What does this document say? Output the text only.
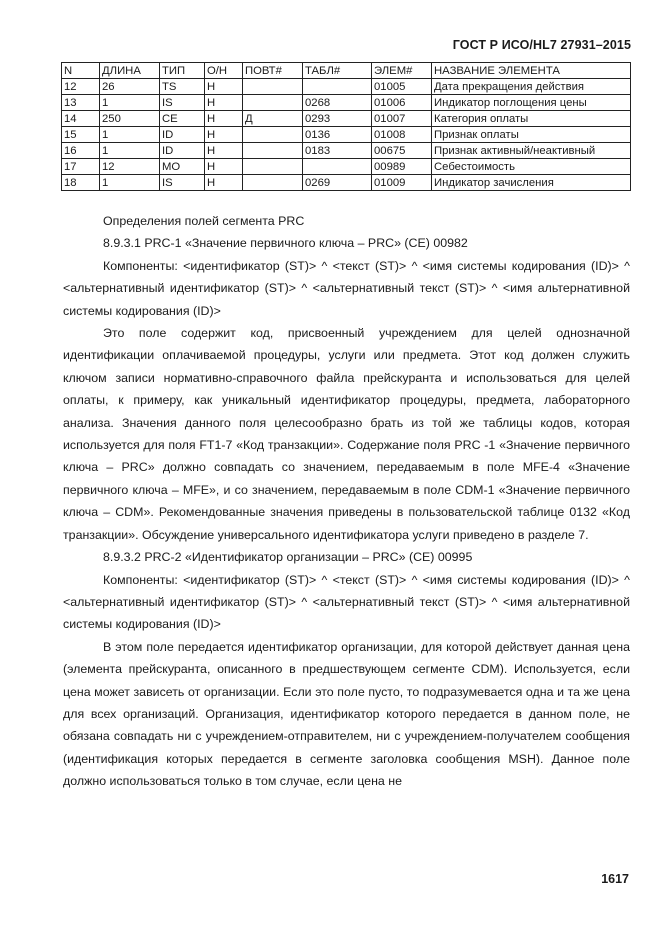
ГОСТ Р ИСО/HL7 27931–2015
N	ДЛИНА	ТИП	О/Н	ПОВТ#	ТАБЛ#	ЭЛЕМ#	НАЗВАНИЕ ЭЛЕМЕНТА
12	26	TS	Н			01005	Дата прекращения действия
13	1	IS	Н		0268	01006	Индикатор поглощения цены
14	250	CE	Н	Д	0293	01007	Категория оплаты
15	1	ID	Н		0136	01008	Признак оплаты
16	1	ID	Н		0183	00675	Признак активный/неактивный
17	12	MO	Н			00989	Себестоимость
18	1	IS	Н		0269	01009	Индикатор зачисления

Определения полей сегмента PRC

8.9.3.1 PRC-1 «Значение первичного ключа – PRC» (CE) 00982

Компоненты: <идентификатор (ST)> ^ <текст (ST)> ^ <имя системы кодирования (ID)> ^ <альтернативный идентификатор (ST)> ^ <альтернативный текст (ST)> ^ <имя альтернативной системы кодирования (ID)>

Это поле содержит код, присвоенный учреждением для целей однозначной идентификации оплачиваемой процедуры, услуги или предмета. Этот код должен служить ключом записи нормативно-справочного файла прейскуранта и использоваться для целей оплаты, к примеру, как уникальный идентификатор процедуры, предмета, лабораторного анализа. Значения данного поля целесообразно брать из той же таблицы кодов, которая используется для поля FT1-7 «Код транзакции». Содержание поля PRC -1 «Значение первичного ключа – PRC» должно совпадать со значением, передаваемым в поле MFE-4 «Значение первичного ключа – MFE», и со значением, передаваемым в поле CDM-1 «Значение первичного ключа – CDM». Рекомендованные значения приведены в пользовательской таблице 0132 «Код транзакции». Обсуждение универсального идентификатора услуги приведено в разделе 7.

8.9.3.2 PRC-2 «Идентификатор организации – PRC» (CE) 00995

Компоненты: <идентификатор (ST)> ^ <текст (ST)> ^ <имя системы кодирования (ID)> ^ <альтернативный идентификатор (ST)> ^ <альтернативный текст (ST)> ^ <имя альтернативной системы кодирования (ID)>

В этом поле передается идентификатор организации, для которой действует данная цена (элемента прейскуранта, описанного в предшествующем сегменте CDM). Используется, если цена может зависеть от организации. Если это поле пусто, то подразумевается одна и та же цена для всех организаций. Организация, идентификатор которого передается в данном поле, не обязана совпадать ни с учреждением-отправителем, ни с учреждением-получателем сообщения (идентификация которых передается в сегменте заголовка сообщения MSH). Данное поле должно использоваться только в том случае, если цена не

1617
